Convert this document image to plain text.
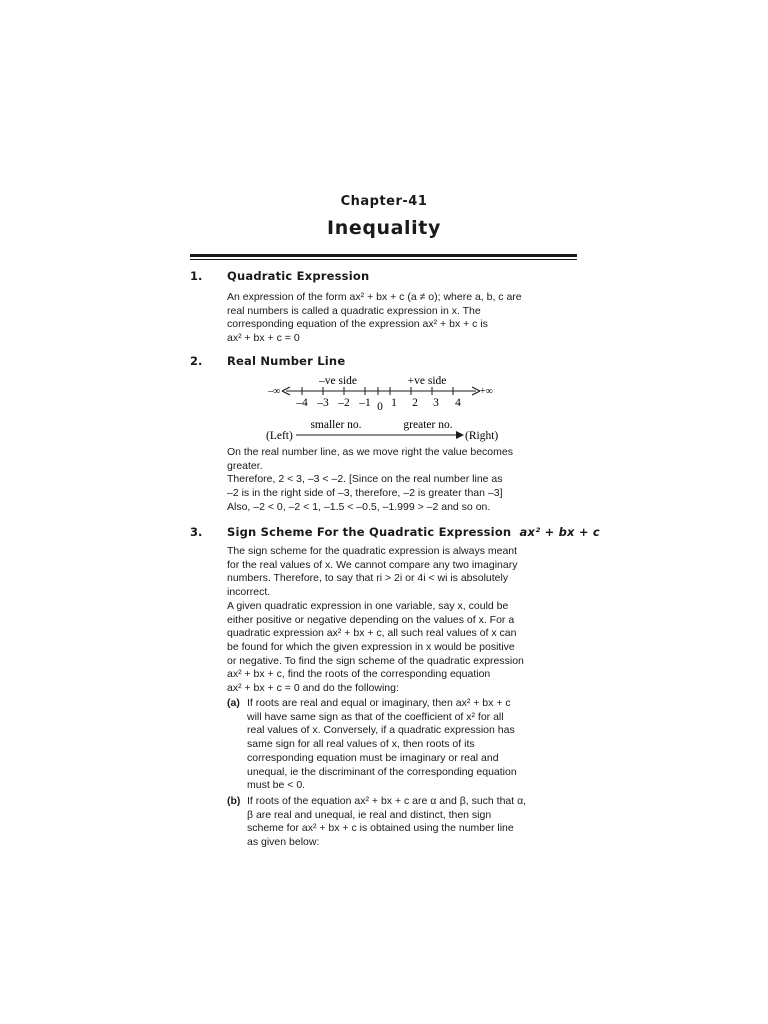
Chapter-41
Inequality
1. Quadratic Expression
An expression of the form ax² + bx + c (a ≠ o); where a, b, c are
real numbers is called a quadratic expression in x. The
corresponding equation of the expression ax² + bx + c is
ax² + bx + c = 0
2. Real Number Line
–ve side	+ve side
–∞	+∞
–4 –3 –2 –1 0 1 2 3 4
smaller no.	greater no.
(Left)	(Right)
On the real number line, as we move right the value becomes
greater.
Therefore, 2 < 3, –3 < –2. [Since on the real number line as
–2 is in the right side of –3, therefore, –2 is greater than –3]
Also, –2 < 0, –2 < 1, –1.5 < –0.5, –1.999 > –2 and so on.
3. Sign Scheme For the Quadratic Expression ax² + bx + c
The sign scheme for the quadratic expression is always meant
for the real values of x. We cannot compare any two imaginary
numbers. Therefore, to say that ri > 2i or 4i < wi is absolutely
incorrect.
A given quadratic expression in one variable, say x, could be
either positive or negative depending on the values of x. For a
quadratic expression ax² + bx + c, all such real values of x can
be found for which the given expression in x would be positive
or negative. To find the sign scheme of the quadratic expression
ax² + bx + c, find the roots of the corresponding equation
ax² + bx + c = 0 and do the following:
(a) If roots are real and equal or imaginary, then ax² + bx + c
will have same sign as that of the coefficient of x² for all
real values of x. Conversely, if a quadratic expression has
same sign for all real values of x, then roots of its
corresponding equation must be imaginary or real and
unequal, ie the discriminant of the corresponding equation
must be < 0.
(b) If roots of the equation ax² + bx + c are α and β, such that α,
β are real and unequal, ie real and distinct, then sign
scheme for ax² + bx + c is obtained using the number line
as given below:
